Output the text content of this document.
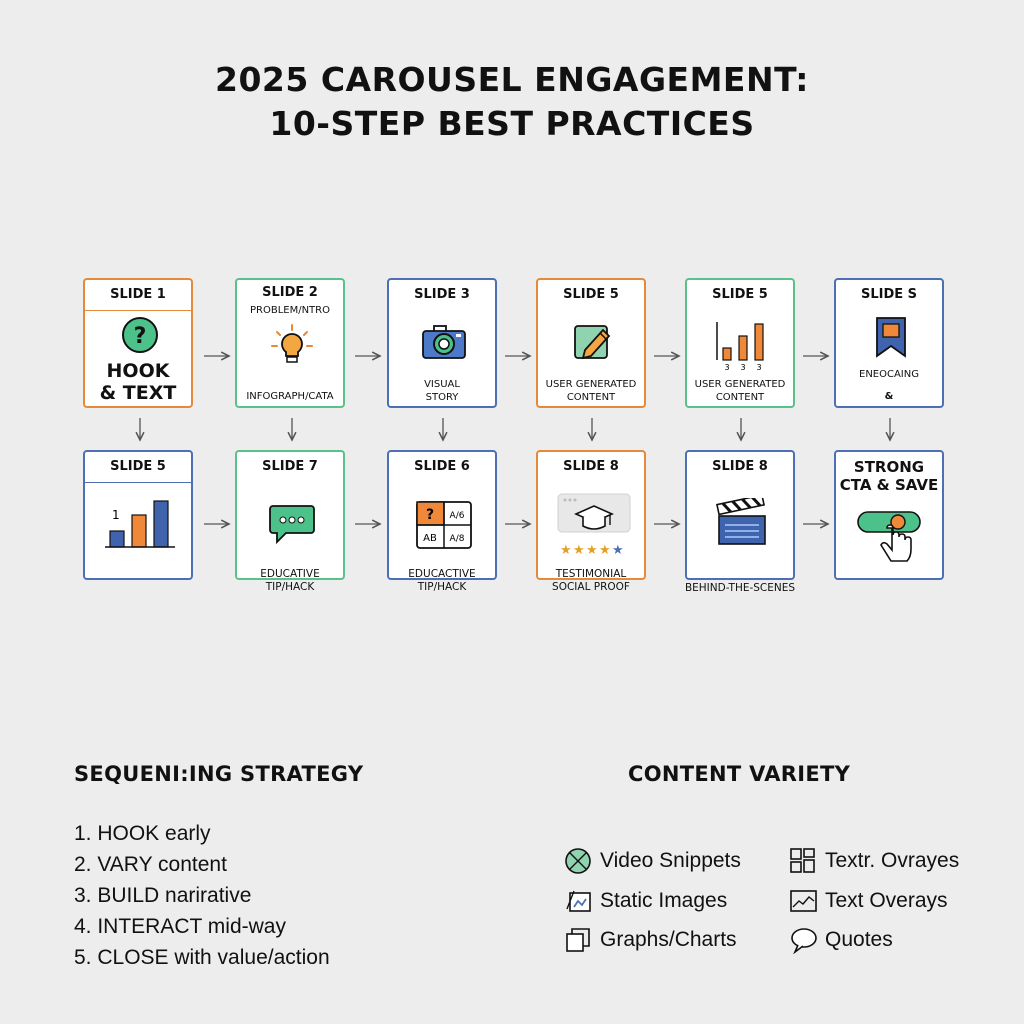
2025 CAROUSEL ENGAGEMENT:
10-STEP BEST PRACTICES
SLIDE 1
?
HOOK
& TEXT
SLIDE 2
PROBLEM/NTRO
INFOGRAPH/CATA
SLIDE 3
VISUAL
STORY
SLIDE 5
USER GENERATED
CONTENT
SLIDE 5
3 3 3
USER GENERATED
CONTENT
SLIDE S
ENEOCAING
&
SLIDE 5
1
SLIDE 7
EDUCATIVE
TIP/HACK
SLIDE 6
? A/6
AB A/8
EDUCACTIVE
TIP/HACK
SLIDE 8
★ ★ ★ ★ ★
TESTIMONIAL
SOCIAL PROOF
SLIDE 8
BEHIND-THE-SCENES
STRONG
CTA & SAVE
SEQUENI:ING STRATEGY
1. HOOK early
2. VARY content
3. BUILD narirative
4. INTERACT mid-way
5. CLOSE with value/action
CONTENT VARIETY
Video Snippets	Textr. Ovrayes
Static Images	Text Overays
Graphs/Charts	Quotes
